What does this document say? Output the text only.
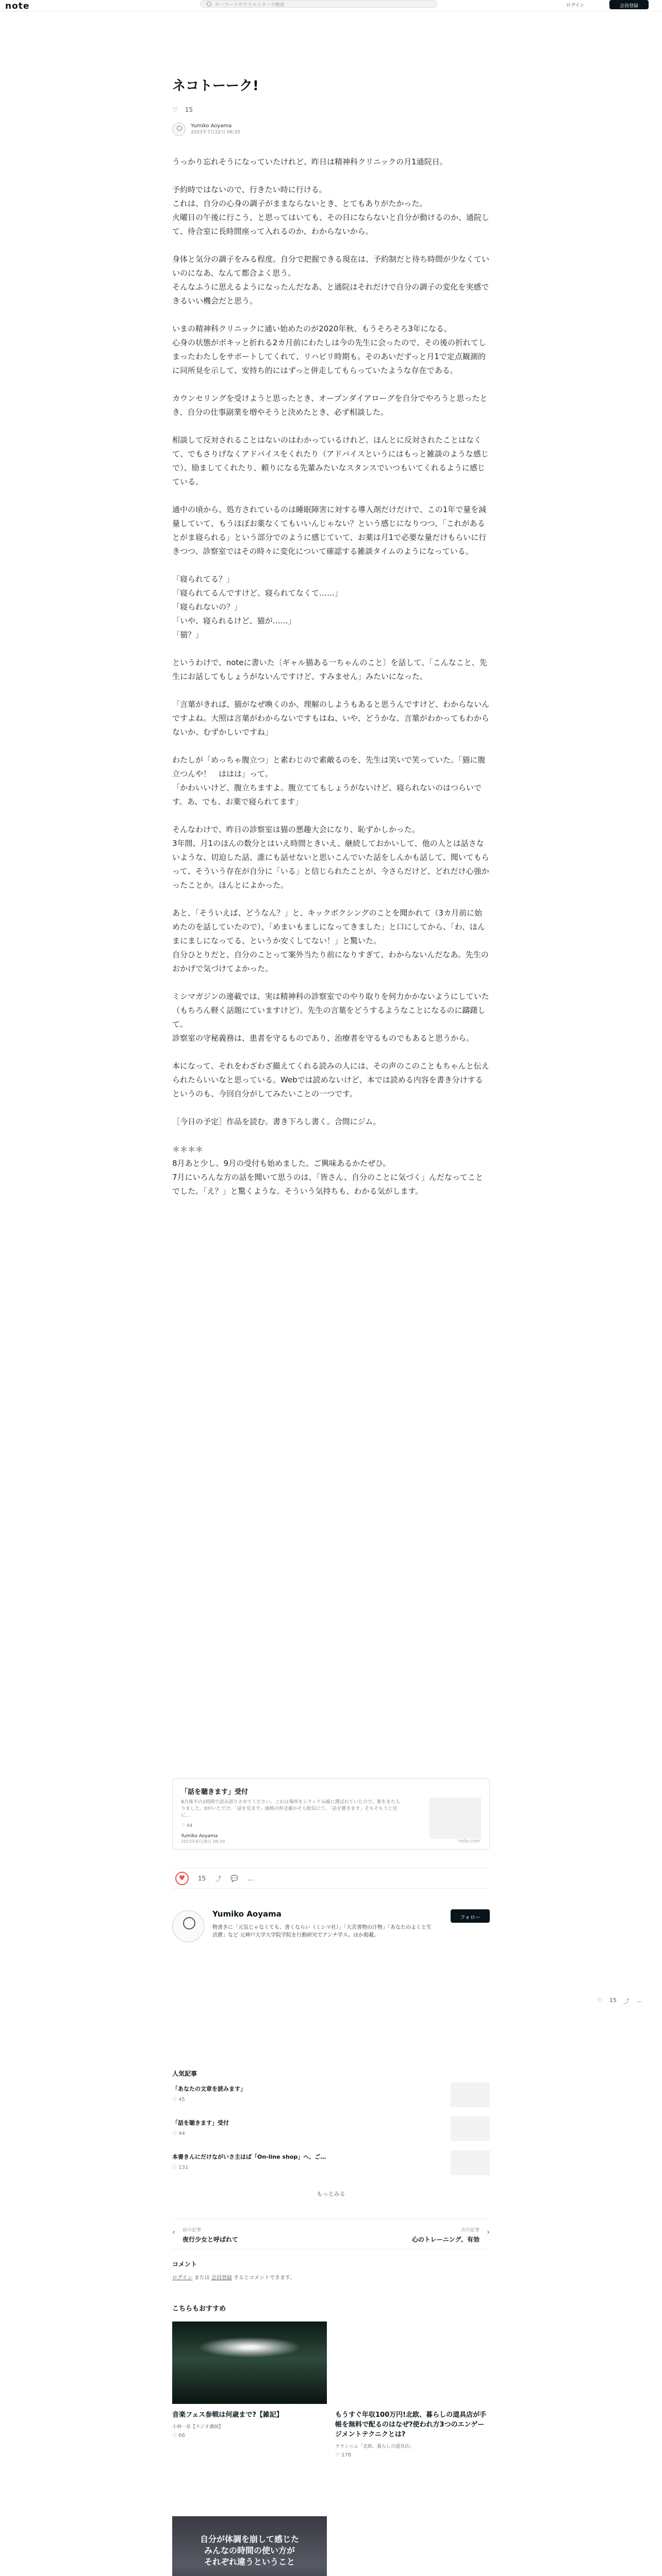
note	キーワードやクリエイターで検索	ログイン	会員登録
ネコトーーク!
♡ 15
Yumiko Aoyama
2023年7月22日 06:35

うっかり忘れそうになっていたけれど、昨日は精神科クリニックの月1通院日。

予約時ではないので、行きたい時に行ける。
これは、自分の心身の調子がままならないとき、とてもありがたかった。
火曜日の午後に行こう、と思ってはいても、その日にならないと自分が動けるのか、通院して、待合室に長時間座って入れるのか、わからないから。

身体と気分の調子をみる程度。自分で把握できる現在は、予約制だと待ち時間が少なくていいのになあ、なんて都合よく思う。
そんなふうに思えるようになったんだなあ、と通院はそれだけで自分の調子の変化を実感できるいい機会だと思う。

いまの精神科クリニックに通い始めたのが2020年秋、もうそろそろ3年になる。
心身の状態がボキッと折れる2カ月前にわたしは今の先生に会ったので、その後の折れてしまったわたしをサポートしてくれて、リハビリ時期も。そのあいだずっと月1で定点観測的に同所見を示して、安持ち的にはずっと併走してもらっていたような存在である。

カウンセリングを受けようと思ったとき、オープンダイアローグを自分でやろうと思ったとき、自分の仕事副業を増やそうと決めたとき、必ず相談した。

相談して反対されることはないのはわかっているけれど、ほんとに反対されたことはなくて、でもさりげなくアドバイスをくれたり（アドバイスというにはもっと雑談のような感じで）、励ましてくれたり、頼りになる先輩みたいなスタンスでいつもいてくれるように感じている。

通中の頃から、処方されているのは睡眠障害に対する導入剤だけだけで、この1年で量を減量していて、もうほぼお薬なくてもいいんじゃない？という感じになりつつ、「これがあるとがま寝られる」という部分でのように感じていて、お薬は月1で必要な量だけもらいに行きつつ、診察室ではその時々に変化について確認する雑談タイムのようになっている。

「寝られてる？」
「寝られてるんですけど、寝られてなくて……」
「寝られないの？」
「いや、寝られるけど、猫が……」
「猫？」

というわけで、noteに書いた〔ギャル猫ある一ちゃんのこと〕を話して、「こんなこと、先生にお話してもしょうがないんですけど、すみません」みたいになった。

「言葉がきれば、猫がなぜ喚くのか、理解のしようもあると思うんですけど、わからないんですよね。大照は言葉がわからないですもはね、いや、どうかな、言葉がわかってもわからないか、むずかしいですね」

わたしが「めっちゃ腹立つ」と素わじので素敵るのを、先生は笑いで笑っていた。「猫に腹立つんや！　ははは」って。
「かわいいけど、腹立ちますよ。腹立ててもしょうがないけど、寝られないのはつらいです。あ、でも、お薬で寝られてます」

そんなわけで、昨日の診察室は猫の悪趣大会になり、恥ずかしかった。
3年間、月1のほんの数分とはいえ時間ときいえ、継続しておかいして、他の人とは話さないような、切迫した話、誰にも話せないと思いこんでいた話をしんかも話して、聞いてもらって、そういう存在が自分に「いる」と信じられたことが、今さらだけど、どれだけ心強かったことか。ほんとによかった。

あと、「そういえば、どうなん？」と、キックボクシングのことを聞かれて（3カ月前に始めたのを話していたので）、「めまいもましになってきました」と口にしてから、「わ、ほんまにましになってる、というか安くしてない！」と驚いた。
自分ひとりだと、自分のことって案外当たり前になりすぎて、わからないんだなあ。先生のおかげで気づけてよかった。

ミシマガジンの連載では、実は精神科の診察室でのやり取りを何力かかないようにしていた（もちろん軽く話題にていますけど）。先生の言葉をどうするようなことになるのに躊躇して。
診察室の守秘義務は、患者を守るものであり、治療者を守るものでもあると思うから。

本になって、それをわざわざ撮えてくれる読みの人には、その声のこのこともちゃんと伝えられたらいいなと思っている。Webでは読めないけど、本では読める内容を書き分けするというのも、今回自分がしてみたいことの一つです。

［今日の予定］作品を読む。書き下ろし書く。合間にジム。

＊＊＊＊
8月あと少し、9月の受付も始めました。ご興味あるかたぜひ。
7月にいろんな方の話を聞いて思うのは、「皆さん、自分のことに気づく」んだなってことでした。「え？」と驚くような。そういう気持ちも、わかる気がします。

「話を聴きます」受付
8月後半の1時間で読み語りさせてください。これは場所をシティアみ線に選ばれていたので、案をまた入りました。0がいたでけ。「話を見ます」価格の料金確かそら配信にて。「話を聴きます」そもそもうと見に…
♡ 44
Yumiko Aoyama
2023年6月28日 08:50	note.com
♥	15 ⤴ 💬 …
Yumiko Aoyama
物書きに「元気じゃなくても、書くならい（ミシマ社）」「大苦書物の汁物」「あなたのよくと生活費」など 元神戸大学大学院学院を行動研究でアンチ学ス。ほか掲載。
フォロー
♡ 15 ⤴ …
人気記事
「あなたの文章を読みます」
♡ 45
「話を聴きます」受付
♡ 44
本書きんにだけながいさ主はば「On-line shop」へ、ご…
♡ 131
もっとみる
‹ 前の記事
夜行少女と呼ばれて
次の記事
心のトレーニング、有効
›
コメント
ログイン または 会員登録 するとコメントできます。
こちらもおすすめ
音楽フェス参戦は何歳まで?【雑記】
小林一星【ラジオ講師】
♡ 66
もうすぐ年収100万円!北欧、暮らしの道具店が手帳を無料で配るのはなぜ?使われ方3つのエンゲージメントテクニクとは?
ラランニム「北欧、暮らしの道具店」
♡ 178
自分が体調を崩して感じた
みんなの時間の使い方が
それぞれ違うということ
